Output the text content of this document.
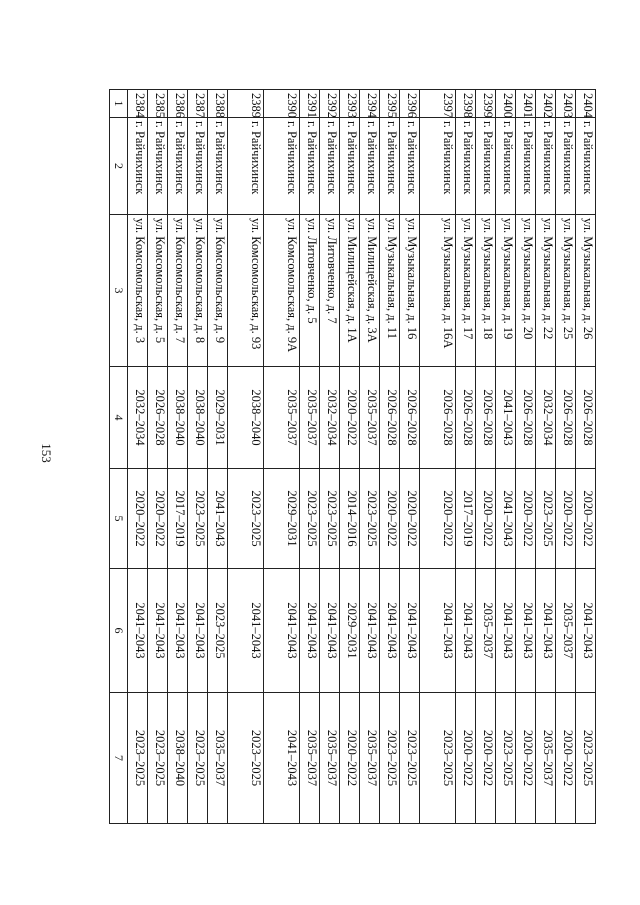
153
1	2	3	4	5	6	7
2384	г. Райчихинск	ул. Комсомольская, д. 3	2032–2034	2020–2022	2041–2043	2023–2025
2385	г. Райчихинск	ул. Комсомольская, д. 5	2026–2028	2020–2022	2041–2043	2023–2025
2386	г. Райчихинск	ул. Комсомольская, д. 7	2038–2040	2017–2019	2041–2043	2038–2040
2387	г. Райчихинск	ул. Комсомольская, д. 8	2038–2040	2023–2025	2041–2043	2023–2025
2388	г. Райчихинск	ул. Комсомольская, д. 9	2029–2031	2041–2043	2023–2025	2035–2037
2389	г. Райчихинск	ул. Комсомольская, д. 93	2038–2040	2023–2025	2041–2043	2023–2025
2390	г. Райчихинск	ул. Комсомольская, д. 9А	2035–2037	2029–2031	2041–2043	2041–2043
2391	г. Райчихинск	ул. Литовченко, д. 5	2035–2037	2023–2025	2041–2043	2035–2037
2392	г. Райчихинск	ул. Литовченко, д. 7	2032–2034	2023–2025	2041–2043	2035–2037
2393	г. Райчихинск	ул. Милицейская, д. 1А	2020–2022	2014–2016	2029–2031	2020–2022
2394	г. Райчихинск	ул. Милицейская, д. 3А	2035–2037	2023–2025	2041–2043	2035–2037
2395	г. Райчихинск	ул. Музыкальная, д. 11	2026–2028	2020–2022	2041–2043	2023–2025
2396	г. Райчихинск	ул. Музыкальная, д. 16	2026–2028	2020–2022	2041–2043	2023–2025
2397	г. Райчихинск	ул. Музыкальная, д. 16А	2026–2028	2020–2022	2041–2043	2023–2025
2398	г. Райчихинск	ул. Музыкальная, д. 17	2026–2028	2017–2019	2041–2043	2020–2022
2399	г. Райчихинск	ул. Музыкальная, д. 18	2026–2028	2020–2022	2035–2037	2020–2022
2400	г. Райчихинск	ул. Музыкальная, д. 19	2041–2043	2041–2043	2041–2043	2023–2025
2401	г. Райчихинск	ул. Музыкальная, д. 20	2026–2028	2020–2022	2041–2043	2020–2022
2402	г. Райчихинск	ул. Музыкальная, д. 22	2032–2034	2023–2025	2041–2043	2035–2037
2403	г. Райчихинск	ул. Музыкальная, д. 25	2026–2028	2020–2022	2035–2037	2020–2022
2404	г. Райчихинск	ул. Музыкальная, д. 26	2026–2028	2020–2022	2041–2043	2023–2025
